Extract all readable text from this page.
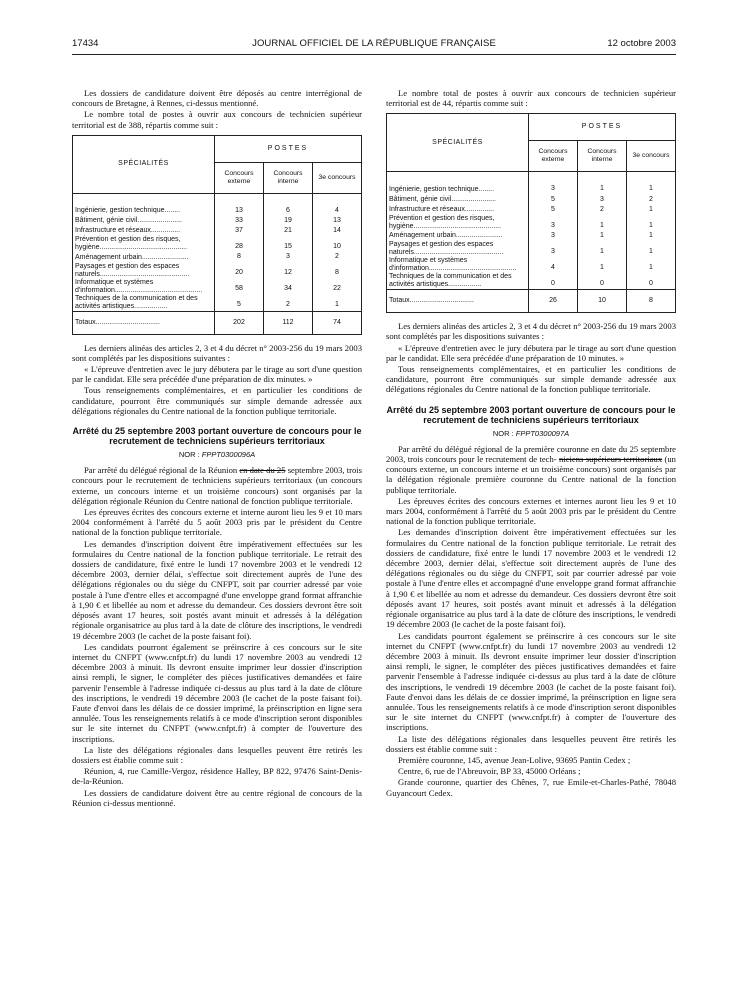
17434	JOURNAL OFFICIEL DE LA RÉPUBLIQUE FRANÇAISE	12 octobre 2003

Les dossiers de candidature doivent être déposés au centre interrégional de concours de Bretagne, à Rennes, ci-dessus mentionné.

Le nombre total de postes à ouvrir aux concours de technicien supérieur territorial est de 388, répartis comme suit :

SPÉCIALITÉS	POSTES		
	Concours externe	Concours interne	3e concours

Ingénierie, gestion technique........	13	6	4
Bâtiment, génie civil.......................	33	19	13
Infrastructure et réseaux...............	37	21	14
Prévention et gestion des risques, hygiène.............................................	28	15	10
Aménagement urbain........................	8	3	2
Paysages et gestion des espaces naturels..............................................	20	12	8
Informatique et systèmes d'information.............................................	58	34	22
Techniques de la communication et des activités artistiques.................	5	2	1
Totaux.................................	202	112	74

Les derniers alinéas des articles 2, 3 et 4 du décret n° 2003-256 du 19 mars 2003 sont complétés par les dispositions suivantes :

« L'épreuve d'entretien avec le jury débutera par le tirage au sort d'une question par le candidat. Elle sera précédée d'une préparation de dix minutes. »

Tous renseignements complémentaires, et en particulier les conditions de candidature, pourront être communiqués sur simple demande adressée aux délégations régionales du Centre national de la fonction publique territoriale.

Arrêté du 25 septembre 2003 portant ouverture de concours pour le recrutement de techniciens supérieurs territoriaux
NOR : FPPT0300096A

Par arrêté du délégué régional de la Réunion en date du 25 septembre 2003, trois concours pour le recrutement de techniciens supérieurs territoriaux (un concours externe, un concours interne et un troisième concours) sont organisés par la délégation régionale Réunion du Centre national de fonction publique territoriale.

Les épreuves écrites des concours externe et interne auront lieu les 9 et 10 mars 2004 conformément à l'arrêté du 5 août 2003 pris par le président du Centre national de la fonction publique territoriale.

Les demandes d'inscription doivent être impérativement effectuées sur les formulaires du Centre national de la fonction publique territoriale. Le retrait des dossiers de candidature, fixé entre le lundi 17 novembre 2003 et le vendredi 12 décembre 2003, dernier délai, s'effectue soit directement auprès de l'une des délégations régionales ou du siège du CNFPT, soit par courrier adressé par voie postale à l'une d'entre elles et accompagné d'une enveloppe grand format affranchie à 1,90 € et libellée au nom et adresse du demandeur. Ces dossiers devront être soit déposés avant 17 heures, soit postés avant minuit et adressés à la délégation régionale organisatrice au plus tard à la date de clôture des inscriptions, le vendredi 19 décembre 2003 (le cachet de la poste faisant foi).

Les candidats pourront également se préinscrire à ces concours sur le site internet du CNFPT (www.cnfpt.fr) du lundi 17 novembre 2003 au vendredi 12 décembre 2003 à minuit. Ils devront ensuite imprimer leur dossier d'inscription ainsi rempli, le signer, le compléter des pièces justificatives demandées et faire parvenir l'ensemble à l'adresse indiquée ci-dessus au plus tard à la date de clôture des inscriptions, le vendredi 19 décembre 2003 (le cachet de la poste faisant foi). Faute d'envoi dans les délais de ce dossier imprimé, la préinscription en ligne sera annulée. Tous les renseignements relatifs à ce mode d'inscription seront disponibles sur le site internet du CNFPT (www.cnfpt.fr) à compter de l'ouverture des inscriptions.

La liste des délégations régionales dans lesquelles peuvent être retirés les dossiers est établie comme suit :

Réunion, 4, rue Camille-Vergoz, résidence Halley, BP 822, 97476 Saint-Denis-de-la-Réunion.

Les dossiers de candidature doivent être au centre régional de concours de la Réunion ci-dessus mentionné.

Le nombre total de postes à ouvrir aux concours de technicien supérieur territorial est de 44, répartis comme suit :

SPÉCIALITÉS	POSTES		
	Concours externe	Concours interne	3e concours

Ingénierie, gestion technique........	3	1	1
Bâtiment, génie civil.......................	5	3	2
Infrastructure et réseaux...............	5	2	1
Prévention et gestion des risques, hygiène.............................................	3	1	1
Aménagement urbain........................	3	1	1
Paysages et gestion des espaces naturels..............................................	3	1	1
Informatique et systèmes d'information.............................................	4	1	1
Techniques de la communication et des activités artistiques.................	0	0	0
Totaux.................................	26	10	8

Les derniers alinéas des articles 2, 3 et 4 du décret n° 2003-256 du 19 mars 2003 sont complétés par les dispositions suivantes :

« L'épreuve d'entretien avec le jury débutera par le tirage au sort d'une question par le candidat. Elle sera précédée d'une préparation de 10 minutes. »

Tous renseignements complémentaires, et en particulier les conditions de candidature, pourront être communiqués sur simple demande adressée aux délégations régionales du Centre national de la fonction publique territoriale.

Arrêté du 25 septembre 2003 portant ouverture de concours pour le recrutement de techniciens supérieurs territoriaux
NOR : FPPT0300097A

Par arrêté du délégué régional de la première couronne en date du 25 septembre 2003, trois concours pour le recrutement de tech- niciens supérieurs territoriaux (un concours externe, un concours interne et un troisième concours) sont organisés par la délégation régionale première couronne du Centre national de la fonction publique territoriale.

Les épreuves écrites des concours externes et internes auront lieu les 9 et 10 mars 2004, conformément à l'arrêté du 5 août 2003 pris par le président du Centre national de la fonction publique territoriale.

Les demandes d'inscription doivent être impérativement effectuées sur les formulaires du Centre national de la fonction publique territoriale. Le retrait des dossiers de candidature, fixé entre le lundi 17 novembre 2003 et le vendredi 12 décembre 2003, dernier délai, s'effectue soit directement auprès de l'une des délégations régionales ou du siège du CNFPT, soit par courrier adressé par voie postale à l'une d'entre elles et accompagné d'une enveloppe grand format affranchie à 1,90 € et libellée au nom et adresse du demandeur. Ces dossiers devront être soit déposés avant 17 heures, soit postés avant minuit et adressés à la délégation régionale organisatrice au plus tard à la date de clôture des inscriptions, le vendredi 19 décembre 2003 (le cachet de la poste faisant foi).

Les candidats pourront également se préinscrire à ces concours sur le site internet du CNFPT (www.cnfpt.fr) du lundi 17 novembre 2003 au vendredi 12 décembre 2003 à minuit. Ils devront ensuite imprimer leur dossier d'inscription ainsi rempli, le signer, le compléter des pièces justificatives demandées et faire parvenir l'ensemble à l'adresse indiquée ci-dessus au plus tard à la date de clôture des inscriptions, le vendredi 19 décembre 2003 (le cachet de la poste faisant foi). Faute d'envoi dans les délais de ce dossier imprimé, la préinscription en ligne sera annulée. Tous les renseignements relatifs à ce mode d'inscription seront disponibles sur le site internet du CNFPT (www.cnfpt.fr) à compter de l'ouverture des inscriptions.

La liste des délégations régionales dans lesquelles peuvent être retirés les dossiers est établie comme suit :

Première couronne, 145, avenue Jean-Lolive, 93695 Pantin Cedex ;

Centre, 6, rue de l'Abreuvoir, BP 33, 45000 Orléans ;

Grande couronne, quartier des Chênes, 7, rue Emile-et-Charles-Pathé, 78048 Guyancourt Cedex.
